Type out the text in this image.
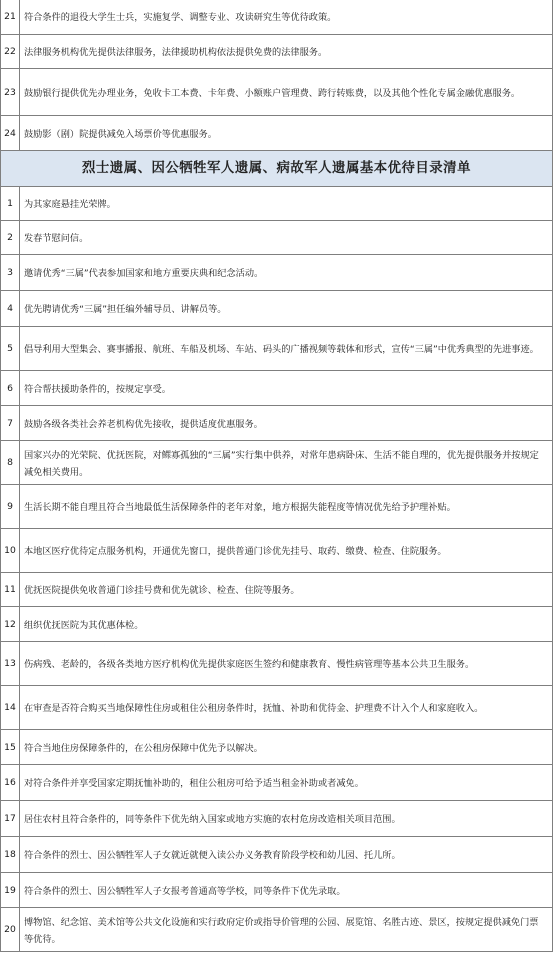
21	符合条件的退役大学生士兵，实施复学、调整专业、攻读研究生等优待政策。
22	法律服务机构优先提供法律服务，法律援助机构依法提供免费的法律服务。
23	鼓励银行提供优先办理业务，免收卡工本费、卡年费、小额账户管理费、跨行转账费，以及其他个性化专属金融优惠服务。
24	鼓励影（剧）院提供减免入场票价等优惠服务。
烈士遗属、因公牺牲军人遗属、病故军人遗属基本优待目录清单	
1	为其家庭悬挂光荣牌。
2	发春节慰问信。
3	邀请优秀“三属”代表参加国家和地方重要庆典和纪念活动。
4	优先聘请优秀“三属”担任编外辅导员、讲解员等。
5	倡导利用大型集会、赛事播报、航班、车船及机场、车站、码头的广播视频等载体和形式，宣传“三属”中优秀典型的先进事迹。
6	符合帮扶援助条件的，按规定享受。
7	鼓励各级各类社会养老机构优先接收，提供适度优惠服务。
8	国家兴办的光荣院、优抚医院，对鳏寡孤独的“三属”实行集中供养，对常年患病卧床、生活不能自理的，优先提供服务并按规定减免相关费用。
9	生活长期不能自理且符合当地最低生活保障条件的老年对象，地方根据失能程度等情况优先给予护理补贴。
10	本地区医疗优待定点服务机构，开通优先窗口，提供普通门诊优先挂号、取药、缴费、检查、住院服务。
11	优抚医院提供免收普通门诊挂号费和优先就诊、检查、住院等服务。
12	组织优抚医院为其优惠体检。
13	伤病残、老龄的，各级各类地方医疗机构优先提供家庭医生签约和健康教育、慢性病管理等基本公共卫生服务。
14	在审查是否符合购买当地保障性住房或租住公租房条件时，抚恤、补助和优待金、护理费不计入个人和家庭收入。
15	符合当地住房保障条件的，在公租房保障中优先予以解决。
16	对符合条件并享受国家定期抚恤补助的，租住公租房可给予适当租金补助或者减免。
17	居住农村且符合条件的，同等条件下优先纳入国家或地方实施的农村危房改造相关项目范围。
18	符合条件的烈士、因公牺牲军人子女就近就便入读公办义务教育阶段学校和幼儿园、托儿所。
19	符合条件的烈士、因公牺牲军人子女报考普通高等学校，同等条件下优先录取。
20	博物馆、纪念馆、美术馆等公共文化设施和实行政府定价或指导价管理的公园、展览馆、名胜古迹、景区，按规定提供减免门票等优待。
